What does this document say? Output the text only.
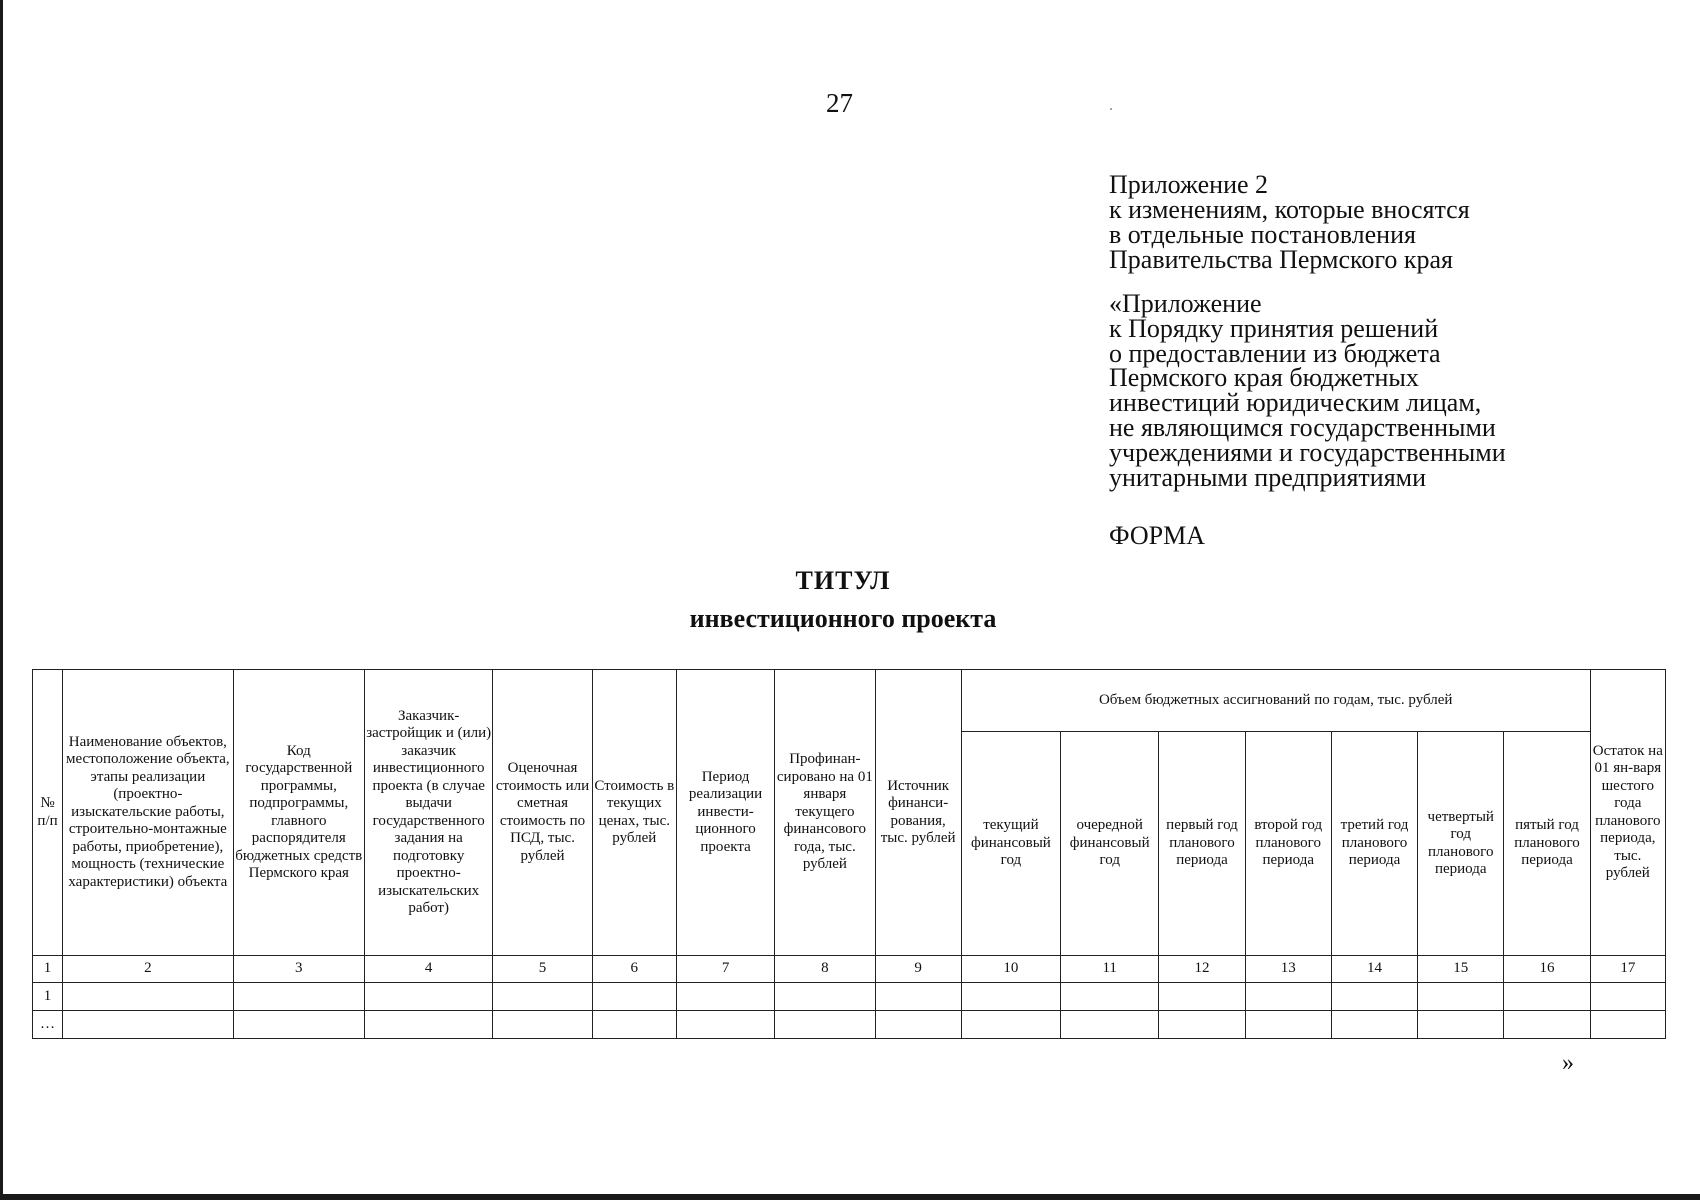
27
Приложение 2
к изменениям, которые вносятся
в отдельные постановления
Правительства Пермского края
«Приложение
к Порядку принятия решений
о предоставлении из бюджета
Пермского края бюджетных
инвестиций юридическим лицам,
не являющимся государственными
учреждениями и государственными
унитарными предприятиями
ФОРМА
ТИТУЛ
инвестиционного проекта
№ п/п	Наименование объектов, местоположение объекта, этапы реализации (проектно-изыскательские работы, строительно-монтажные работы, приобретение), мощность (технические характеристики) объекта	Код государственной программы, подпрограммы, главного распорядителя бюджетных средств Пермского края	Заказчик-застройщик и (или) заказчик инвестиционного проекта (в случае выдачи государственного задания на подготовку проектно-изыскательских работ)	Оценочная стоимость или сметная стоимость по ПСД, тыс. рублей	Стоимость в текущих ценах, тыс. рублей	Период реализации инвести-ционного проекта	Профинан-сировано на 01 января текущего финансового года, тыс. рублей	Источник финанси-рования, тыс. рублей	Объем бюджетных ассигнований по годам, тыс. рублей							Остаток на 01 ян-варя шестого года планового периода, тыс. рублей
									текущий финансовый год	очередной финансовый год	первый год планового периода	второй год планового периода	третий год планового периода	четвертый год планового периода	пятый год планового периода	
1	2	3	4	5	6	7	8	9	10	11	12	13	14	15	16	17
1																
…																
»
